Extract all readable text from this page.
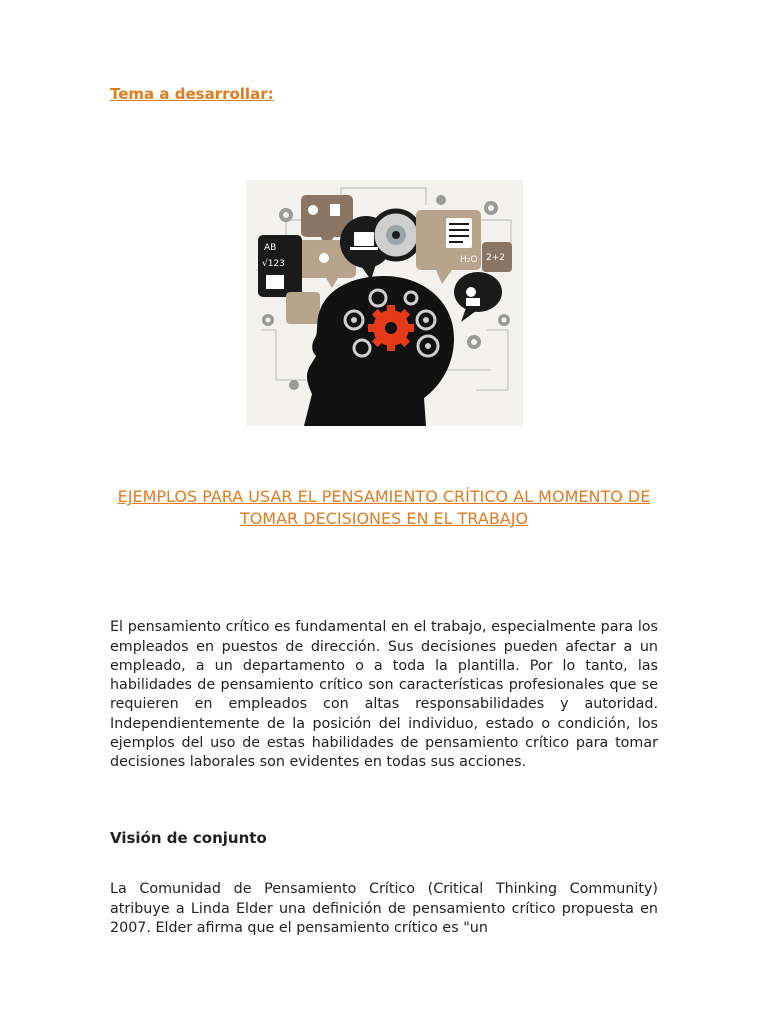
Tema a desarrollar:
AB
√123
2+2
H₂O
EJEMPLOS PARA USAR EL PENSAMIENTO CRÍTICO AL MOMENTO DE TOMAR DECISIONES EN EL TRABAJO

El pensamiento crítico es fundamental en el trabajo, especialmente para los empleados en puestos de dirección. Sus decisiones pueden afectar a un empleado, a un departamento o a toda la plantilla. Por lo tanto, las habilidades de pensamiento crítico son características profesionales que se requieren en empleados con altas responsabilidades y autoridad. Independientemente de la posición del individuo, estado o condición, los ejemplos del uso de estas habilidades de pensamiento crítico para tomar decisiones laborales son evidentes en todas sus acciones.

Visión de conjunto

La Comunidad de Pensamiento Crítico (Critical Thinking Community) atribuye a Linda Elder una definición de pensamiento crítico propuesta en 2007. Elder afirma que el pensamiento crítico es "un
